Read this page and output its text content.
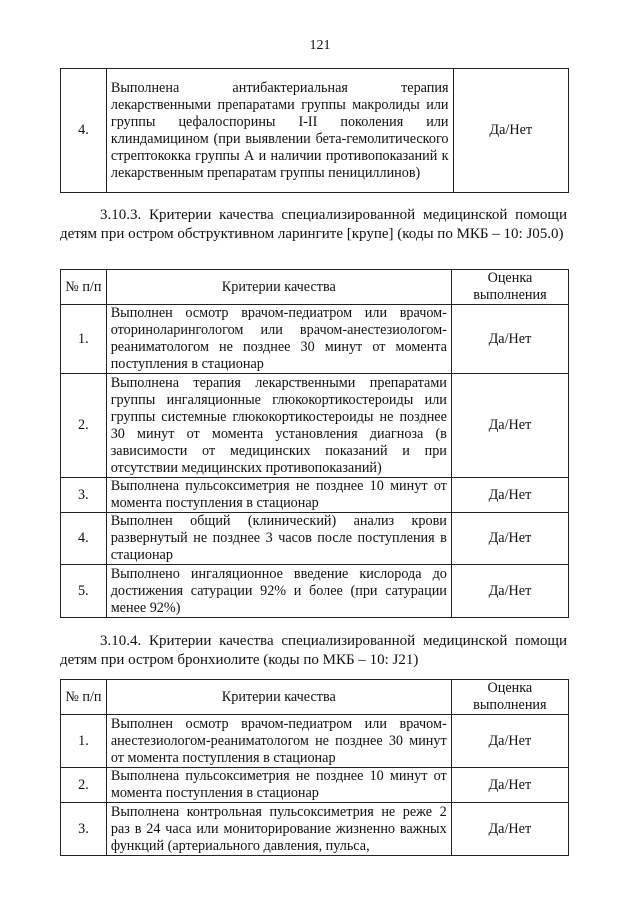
121
4.	Выполнена антибактериальная терапия лекарственными препаратами группы макролиды или группы цефалоспорины I-II поколения или клиндамицином (при выявлении бета-гемолитического стрептококка группы А и наличии противопоказаний к лекарственным препаратам группы пенициллинов)	Да/Нет
3.10.3. Критерии качества специализированной медицинской помощи детям при остром обструктивном ларингите [крупе] (коды по МКБ – 10: J05.0)
№ п/п	Критерии качества	Оценка выполнения
1.	Выполнен осмотр врачом-педиатром или врачом-оториноларингологом или врачом-анестезиологом-реаниматологом не позднее 30 минут от момента поступления в стационар	Да/Нет
2.	Выполнена терапия лекарственными препаратами группы ингаляционные глюкокортикостероиды или группы системные глюкокортикостероиды не позднее 30 минут от момента установления диагноза (в зависимости от медицинских показаний и при отсутствии медицинских противопоказаний)	Да/Нет
3.	Выполнена пульсоксиметрия не позднее 10 минут от момента поступления в стационар	Да/Нет
4.	Выполнен общий (клинический) анализ крови развернутый не позднее 3 часов после поступления в стационар	Да/Нет
5.	Выполнено ингаляционное введение кислорода до достижения сатурации 92% и более (при сатурации менее 92%)	Да/Нет
3.10.4. Критерии качества специализированной медицинской помощи детям при остром бронхиолите (коды по МКБ – 10: J21)
№ п/п	Критерии качества	Оценка выполнения
1.	Выполнен осмотр врачом-педиатром или врачом-анестезиологом-реаниматологом не позднее 30 минут от момента поступления в стационар	Да/Нет
2.	Выполнена пульсоксиметрия не позднее 10 минут от момента поступления в стационар	Да/Нет
3.	Выполнена контрольная пульсоксиметрия не реже 2 раз в 24 часа или мониторирование жизненно важных функций (артериального давления, пульса,	Да/Нет
